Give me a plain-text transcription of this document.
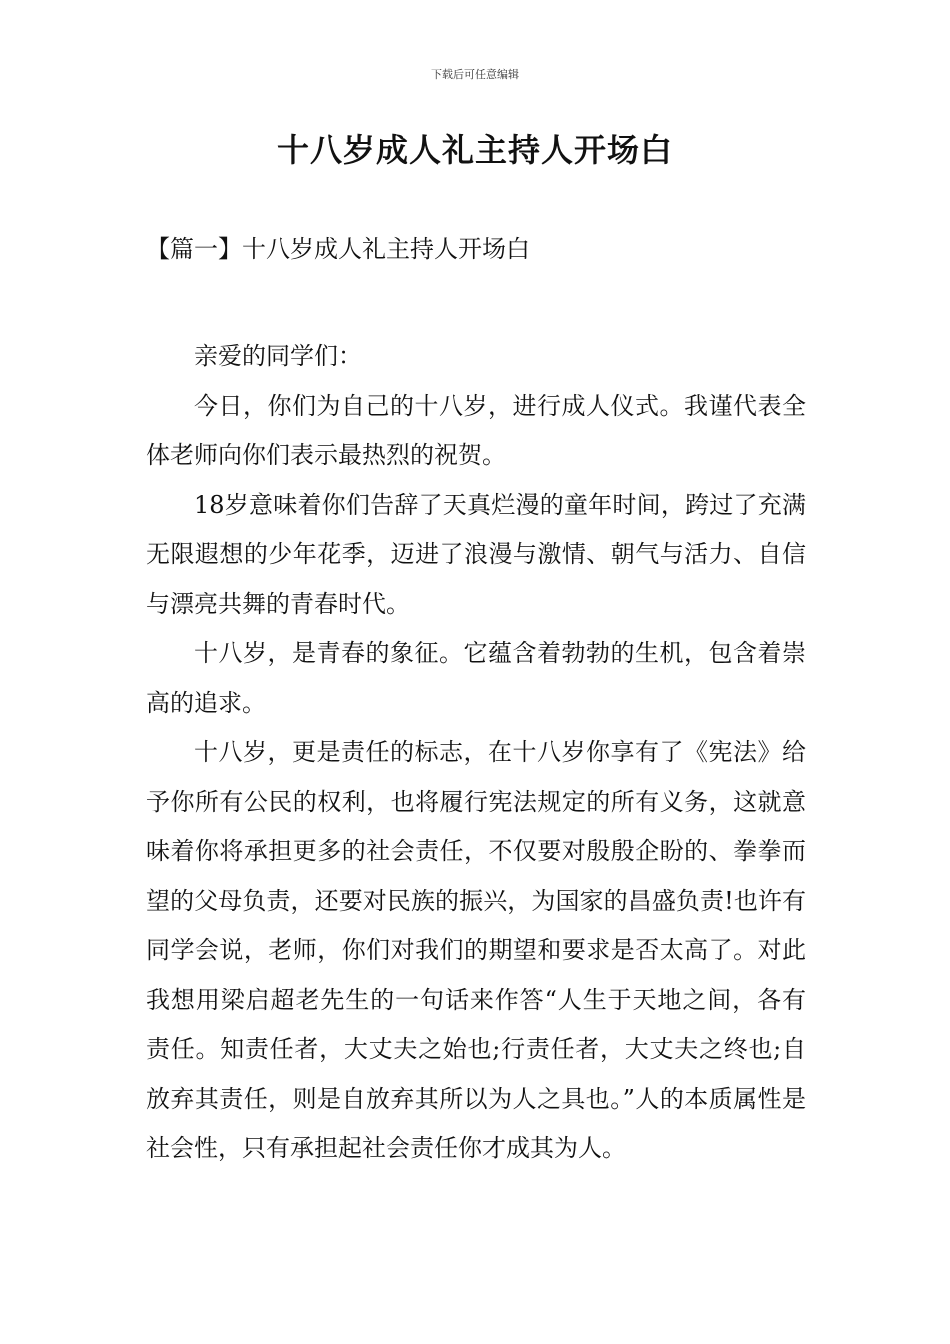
下载后可任意编辑
十八岁成人礼主持人开场白
【篇一】十八岁成人礼主持人开场白

亲爱的同学们：

今日，你们为自己的十八岁，进行成人仪式。我谨代表全体老师向你们表示最热烈的祝贺。

18岁意味着你们告辞了天真烂漫的童年时间，跨过了充满无限遐想的少年花季，迈进了浪漫与激情、朝气与活力、自信与漂亮共舞的青春时代。

十八岁，是青春的象征。它蕴含着勃勃的生机，包含着崇高的追求。

十八岁，更是责任的标志，在十八岁你享有了《宪法》给予你所有公民的权利，也将履行宪法规定的所有义务，这就意味着你将承担更多的社会责任，不仅要对殷殷企盼的、拳拳而望的父母负责，还要对民族的振兴，为国家的昌盛负责!也许有同学会说，老师，你们对我们的期望和要求是否太高了。对此我想用梁启超老先生的一句话来作答“人生于天地之间，各有责任。知责任者，大丈夫之始也;行责任者，大丈夫之终也;自放弃其责任，则是自放弃其所以为人之具也。”人的本质属性是社会性，只有承担起社会责任你才成其为人。
